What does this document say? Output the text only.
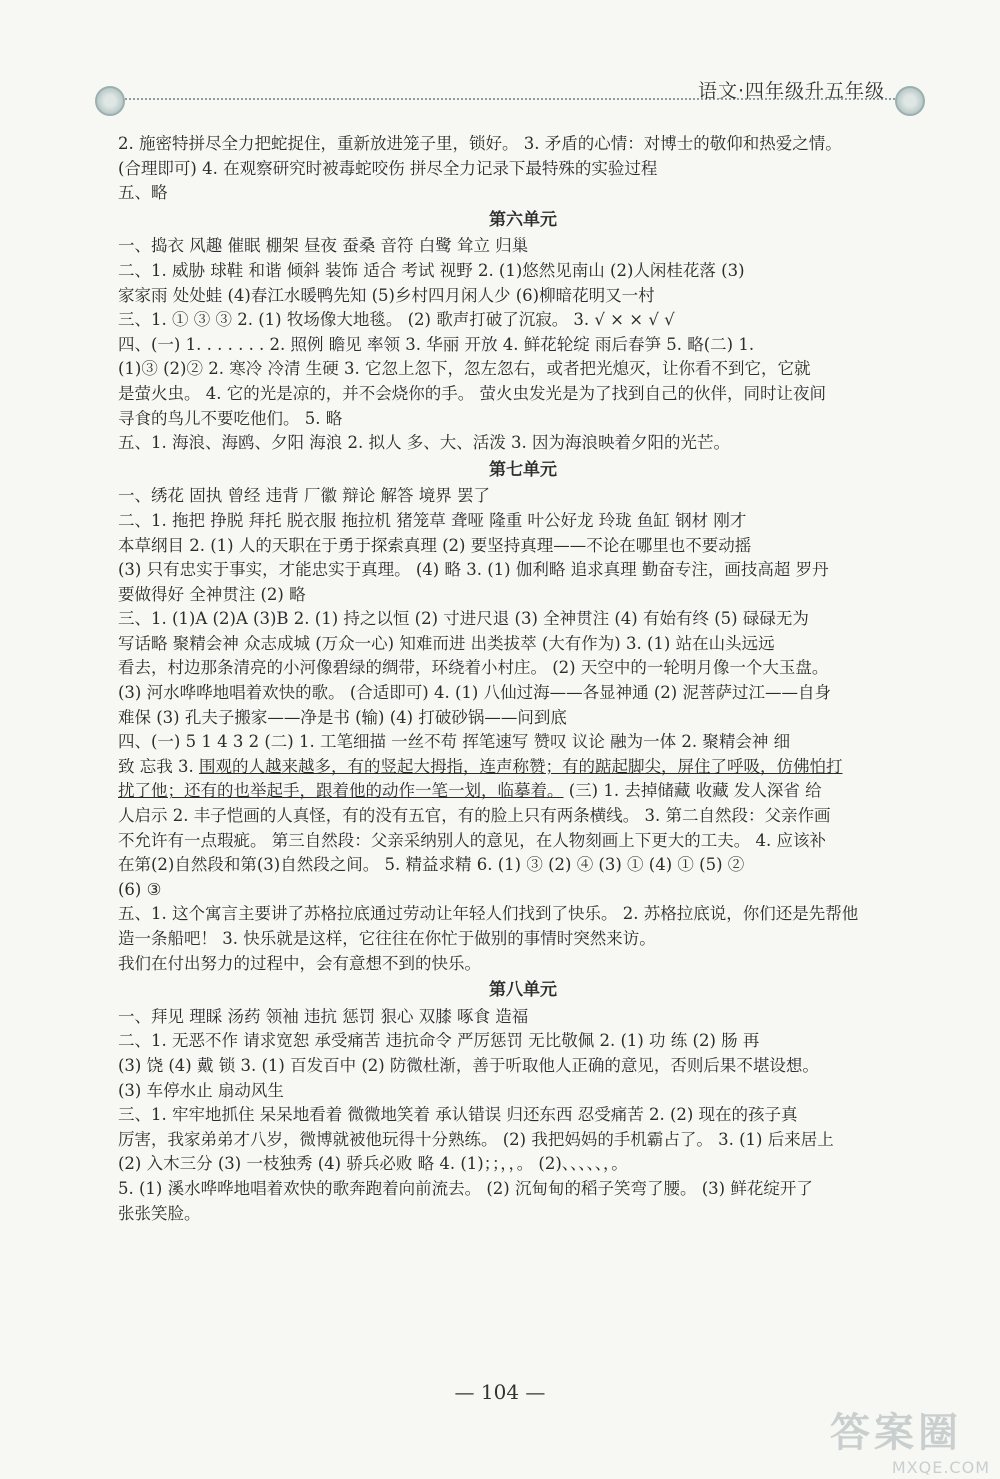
语文·四年级升五年级
2. 施密特拼尽全力把蛇捉住，重新放进笼子里，锁好。 3. 矛盾的心情：对博士的敬仰和热爱之情。
(合理即可) 4. 在观察研究时被毒蛇咬伤 拼尽全力记录下最特殊的实验过程
五、略
第六单元
一、捣衣 风趣 催眠 棚架 昼夜 蚕桑 音符 白鹭 耸立 归巢
二、1. 威胁 球鞋 和谐 倾斜 装饰 适合 考试 视野 2. (1)悠然见南山 (2)人闲桂花落 (3)
家家雨 处处蛙 (4)春江水暖鸭先知 (5)乡村四月闲人少 (6)柳暗花明又一村
三、1. ① ③ ③ 2. (1) 牧场像大地毯。 (2) 歌声打破了沉寂。 3. √ × × √ √
四、(一) 1. . . . . . . 2. 照例 瞻见 率领 3. 华丽 开放 4. 鲜花轮绽 雨后春笋 5. 略(二) 1.
(1)③ (2)② 2. 寒冷 冷清 生硬 3. 它忽上忽下，忽左忽右，或者把光熄灭，让你看不到它，它就
是萤火虫。 4. 它的光是凉的，并不会烧你的手。 萤火虫发光是为了找到自己的伙伴，同时让夜间
寻食的鸟儿不要吃他们。 5. 略
五、1. 海浪、海鸥、夕阳 海浪 2. 拟人 多、大、活泼 3. 因为海浪映着夕阳的光芒。
第七单元
一、绣花 固执 曾经 违背 厂徽 辩论 解答 境界 罢了
二、1. 拖把 挣脱 拜托 脱衣服 拖拉机 猪笼草 聋哑 隆重 叶公好龙 玲珑 鱼缸 钢材 刚才
本草纲目 2. (1) 人的天职在于勇于探索真理 (2) 要坚持真理——不论在哪里也不要动摇
(3) 只有忠实于事实，才能忠实于真理。 (4) 略 3. (1) 伽利略 追求真理 勤奋专注，画技高超 罗丹
要做得好 全神贯注 (2) 略
三、1. (1)A (2)A (3)B 2. (1) 持之以恒 (2) 寸进尺退 (3) 全神贯注 (4) 有始有终 (5) 碌碌无为
写话略 聚精会神 众志成城 (万众一心) 知难而进 出类拔萃 (大有作为) 3. (1) 站在山头远远
看去，村边那条清亮的小河像碧绿的绸带，环绕着小村庄。 (2) 天空中的一轮明月像一个大玉盘。
(3) 河水哗哗地唱着欢快的歌。 (合适即可) 4. (1) 八仙过海——各显神通 (2) 泥菩萨过江——自身
难保 (3) 孔夫子搬家——净是书 (输) (4) 打破砂锅——问到底
四、(一) 5 1 4 3 2 (二) 1. 工笔细描 一丝不苟 挥笔速写 赞叹 议论 融为一体 2. 聚精会神 细
致 忘我 3. 围观的人越来越多，有的竖起大拇指，连声称赞；有的踮起脚尖，屏住了呼吸，仿佛怕打
扰了他；还有的也举起手，跟着他的动作一笔一划，临摹着。 (三) 1. 去掉储藏 收藏 发人深省 给
人启示 2. 丰子恺画的人真怪，有的没有五官，有的脸上只有两条横线。 3. 第二自然段：父亲作画
不允许有一点瑕疵。 第三自然段：父亲采纳别人的意见，在人物刻画上下更大的工夫。 4. 应该补
在第(2)自然段和第(3)自然段之间。 5. 精益求精 6. (1) ③ (2) ④ (3) ① (4) ① (5) ②
(6) ③
五、1. 这个寓言主要讲了苏格拉底通过劳动让年轻人们找到了快乐。 2. 苏格拉底说，你们还是先帮他
造一条船吧！ 3. 快乐就是这样，它往往在你忙于做别的事情时突然来访。
我们在付出努力的过程中，会有意想不到的快乐。
第八单元
一、拜见 理睬 汤药 领袖 违抗 惩罚 狠心 双膝 啄食 造福
二、1. 无恶不作 请求宽恕 承受痛苦 违抗命令 严厉惩罚 无比敬佩 2. (1) 功 练 (2) 肠 再
(3) 饶 (4) 戴 锁 3. (1) 百发百中 (2) 防微杜渐，善于听取他人正确的意见，否则后果不堪设想。
(3) 车停水止 扇动风生
三、1. 牢牢地抓住 呆呆地看着 微微地笑着 承认错误 归还东西 忍受痛苦 2. (2) 现在的孩子真
厉害，我家弟弟才八岁，微博就被他玩得十分熟练。 (2) 我把妈妈的手机霸占了。 3. (1) 后来居上
(2) 入木三分 (3) 一枝独秀 (4) 骄兵必败 略 4. (1)；；，，。 (2)、、、、、，。
5. (1) 溪水哗哗地唱着欢快的歌奔跑着向前流去。 (2) 沉甸甸的稻子笑弯了腰。 (3) 鲜花绽开了
张张笑脸。
— 104 —
答案圈
MXQE.COM
